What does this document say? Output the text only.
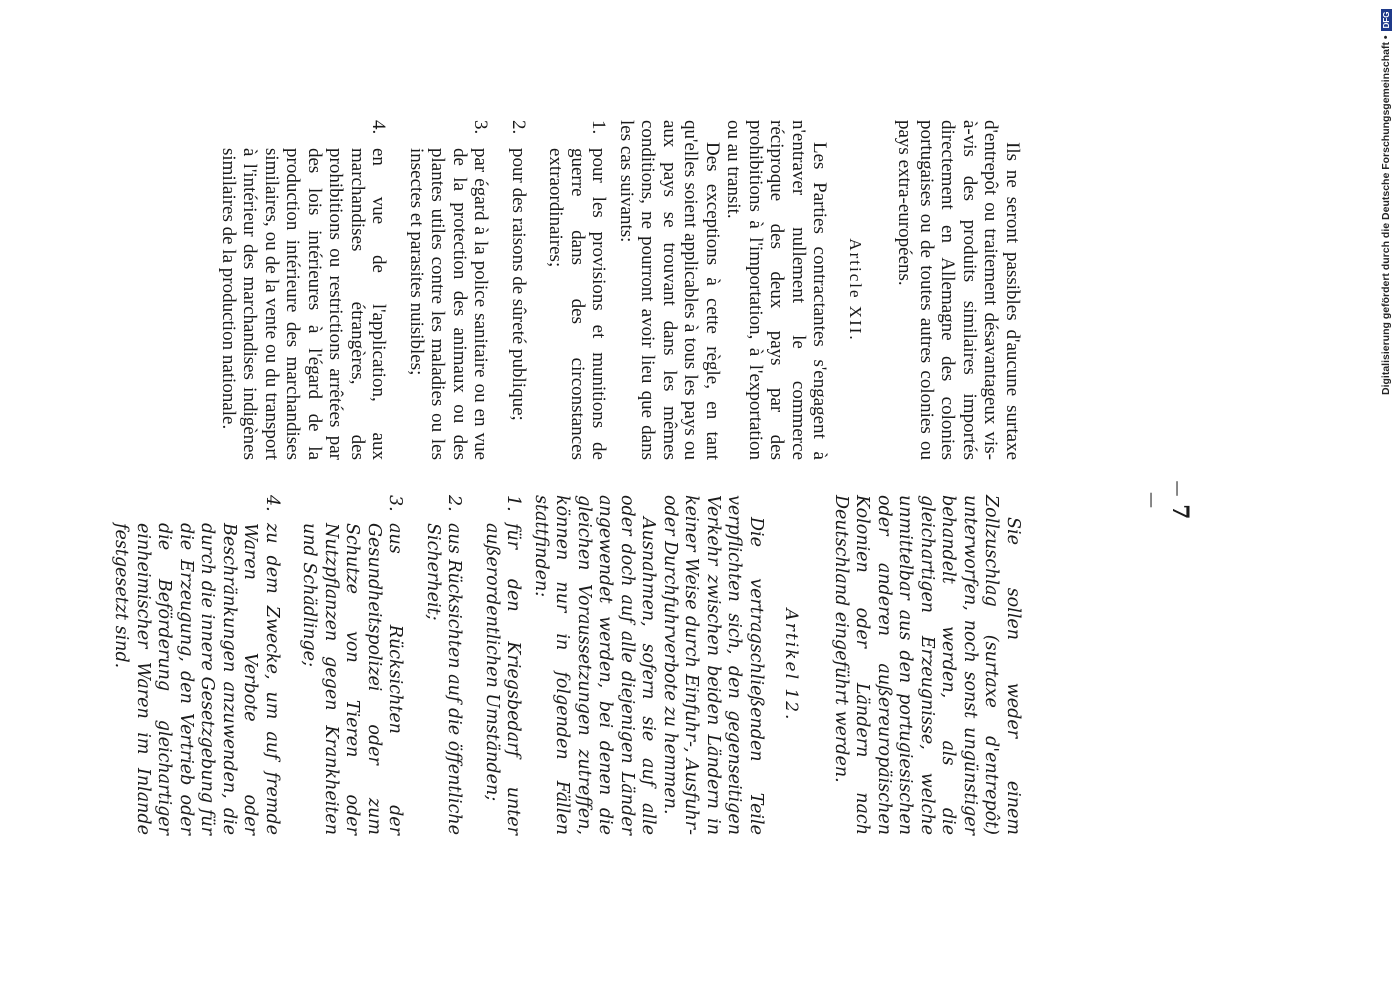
— 7 —

Ils ne seront passibles d'aucune surtaxe d'entrepôt ou traitement désavantageux vis-à-vis des produits similaires importés directement en Allemagne des colonies portugaises ou de toutes autres colonies ou pays extra-européens.

Article XII.

Les Parties contractantes s'engagent à n'entraver nullement le commerce réciproque des deux pays par des prohibitions à l'importation, à l'exportation ou au transit.

Des exceptions à cette règle, en tant qu'elles soient applicables à tous les pays ou aux pays se trouvant dans les mêmes conditions, ne pourront avoir lieu que dans les cas suivants:

1.
pour les provisions et munitions de guerre dans des circonstances extraordinaires;

2.
pour des raisons de sûreté publique;

3.
par égard à la police sanitaire ou en vue de la protection des animaux ou des plantes utiles contre les maladies ou les insectes et parasites nuisibles;

4.
en vue de l'application, aux marchandises étrangères, des prohibitions ou restrictions arrêtées par des lois intérieures à l'égard de la production intérieure des marchandises similaires, ou de la vente ou du transport à l'intérieur des marchandises indigènes similaires de la production nationale.

Sie sollen weder einem Zollzuschlag (surtaxe d'entrepôt) unterworfen, noch sonst ungünstiger behandelt werden, als die gleichartigen Erzeugnisse, welche unmittelbar aus den portugiesischen oder anderen außereuropäischen Kolonien oder Ländern nach Deutschland eingeführt werden.

Artikel 12.

Die vertragschließenden Teile verpflichten sich, den gegenseitigen Verkehr zwischen beiden Ländern in keiner Weise durch Einfuhr-, Ausfuhr- oder Durchfuhrverbote zu hemmen.

Ausnahmen, sofern sie auf alle oder doch auf alle diejenigen Länder angewendet werden, bei denen die gleichen Voraussetzungen zutreffen, können nur in folgenden Fällen stattfinden:

1.
für den Kriegsbedarf unter außerordentlichen Umständen;

2.
aus Rücksichten auf die öffentliche Sicherheit;

3.
aus Rücksichten der Gesundheitspolizei oder zum Schutze von Tieren oder Nutzpflanzen gegen Krankheiten und Schädlinge;

4.
zu dem Zwecke, um auf fremde Waren Verbote oder Beschränkungen anzuwenden, die durch die innere Gesetzgebung für die Erzeugung, den Vertrieb oder die Beförderung gleichartiger einheimischer Waren im Inlande festgesetzt sind.

Digitalisierung gefördert durch die Deutsche Forschungsgemeinschaft •
DFG
